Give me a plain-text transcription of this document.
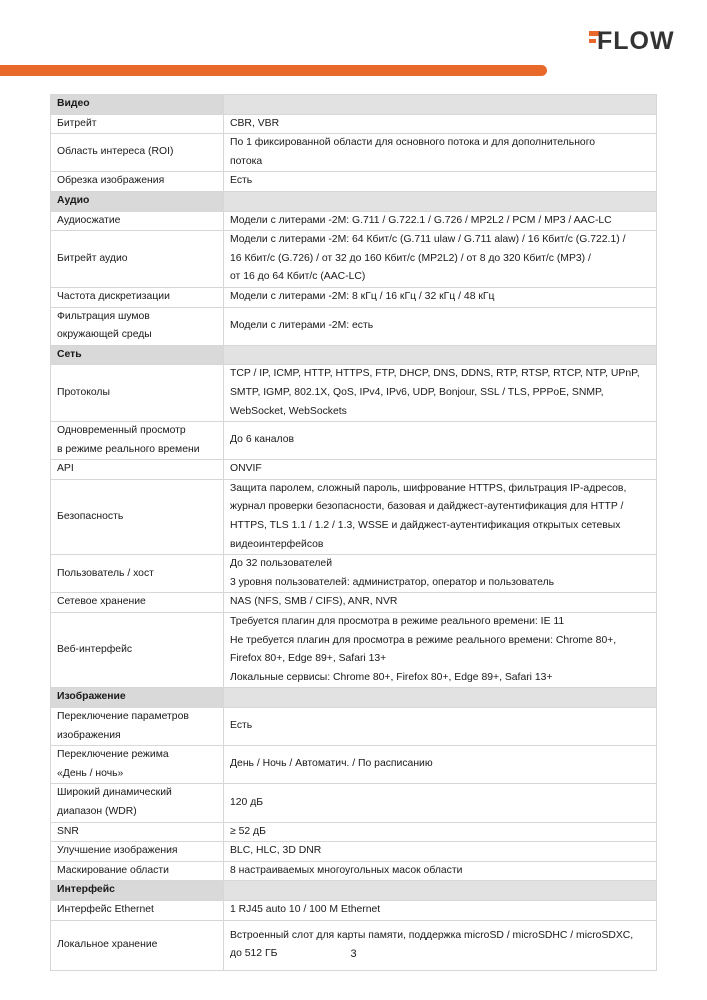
FLOW
Видео	

Битрейт	CBR, VBR

Область интереса (ROI)	По 1 фиксированной области для основного потока и для дополнительного
потока

Обрезка изображения	Есть

Аудио	

Аудиосжатие	Модели с литерами -2M: G.711 / G.722.1 / G.726 / MP2L2 / PCM / MP3 / AAC-LC

Битрейт аудио	Модели с литерами -2M: 64 Кбит/с (G.711 ulaw / G.711 alaw) / 16 Кбит/с (G.722.1) /
16 Кбит/с (G.726) / от 32 до 160 Кбит/с (MP2L2) / от 8 до 320 Кбит/с (MP3) /
от 16 до 64 Кбит/с (AAC-LC)

Частота дискретизации	Модели с литерами -2M: 8 кГц / 16 кГц / 32 кГц / 48 кГц

Фильтрация шумов
окружающей среды	Модели с литерами -2M: есть

Сеть	

Протоколы	TCP / IP, ICMP, HTTP, HTTPS, FTP, DHCP, DNS, DDNS, RTP, RTSP, RTCP, NTP, UPnP,
SMTP, IGMP, 802.1X, QoS, IPv4, IPv6, UDP, Bonjour, SSL / TLS, PPPoE, SNMP,
WebSocket, WebSockets

Одновременный просмотр
в режиме реального времени	До 6 каналов

API	ONVIF

Безопасность	Защита паролем, сложный пароль, шифрование HTTPS, фильтрация IP-адресов,
журнал проверки безопасности, базовая и дайджест-аутентификация для HTTP /
HTTPS, TLS 1.1 / 1.2 / 1.3, WSSE и дайджест-аутентификация открытых сетевых
видеоинтерфейсов

Пользователь / хост	До 32 пользователей
3 уровня пользователей: администратор, оператор и пользователь

Сетевое хранение	NAS (NFS, SMB / CIFS), ANR, NVR

Веб-интерфейс	Требуется плагин для просмотра в режиме реального времени: IE 11
Не требуется плагин для просмотра в режиме реального времени: Chrome 80+,
Firefox 80+, Edge 89+, Safari 13+
Локальные сервисы: Chrome 80+, Firefox 80+, Edge 89+, Safari 13+

Изображение	

Переключение параметров
изображения	Есть

Переключение режима
«День / ночь»	День / Ночь / Автоматич. / По расписанию

Широкий динамический
диапазон (WDR)	120 дБ

SNR	≥ 52 дБ

Улучшение изображения	BLC, HLC, 3D DNR

Маскирование области	8 настраиваемых многоугольных масок области

Интерфейс	

Интерфейс Ethernet	1 RJ45 auto 10 / 100 M Ethernet

Локальное хранение	Встроенный слот для карты памяти, поддержка microSD / microSDHC / microSDXC,
до 512 ГБ	3
